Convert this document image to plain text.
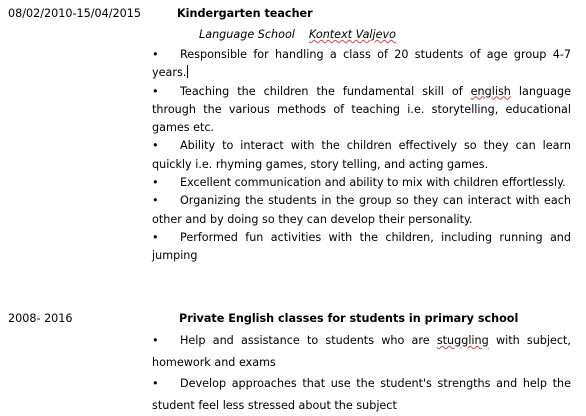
08/02/2010-15/04/2015	Kindergarten teacher
Language School Kontext Valjevo
•Responsible for handling a class of 20 students of age group 4-7 years.
•Teaching the children the fundamental skill of english language through the various methods of teaching i.e. storytelling, educational games etc.
•Ability to interact with the children effectively so they can learn quickly i.e. rhyming games, story telling, and acting games.
•Excellent communication and ability to mix with children effortlessly.
•Organizing the students in the group so they can interact with each other and by doing so they can develop their personality.
•Performed fun activities with the children, including running and jumping
2008- 2016	Private English classes for students in primary school
•Help and assistance to students who are stuggling with subject, homework and exams
•Develop approaches that use the student's strengths and help the student feel less stressed about the subject
